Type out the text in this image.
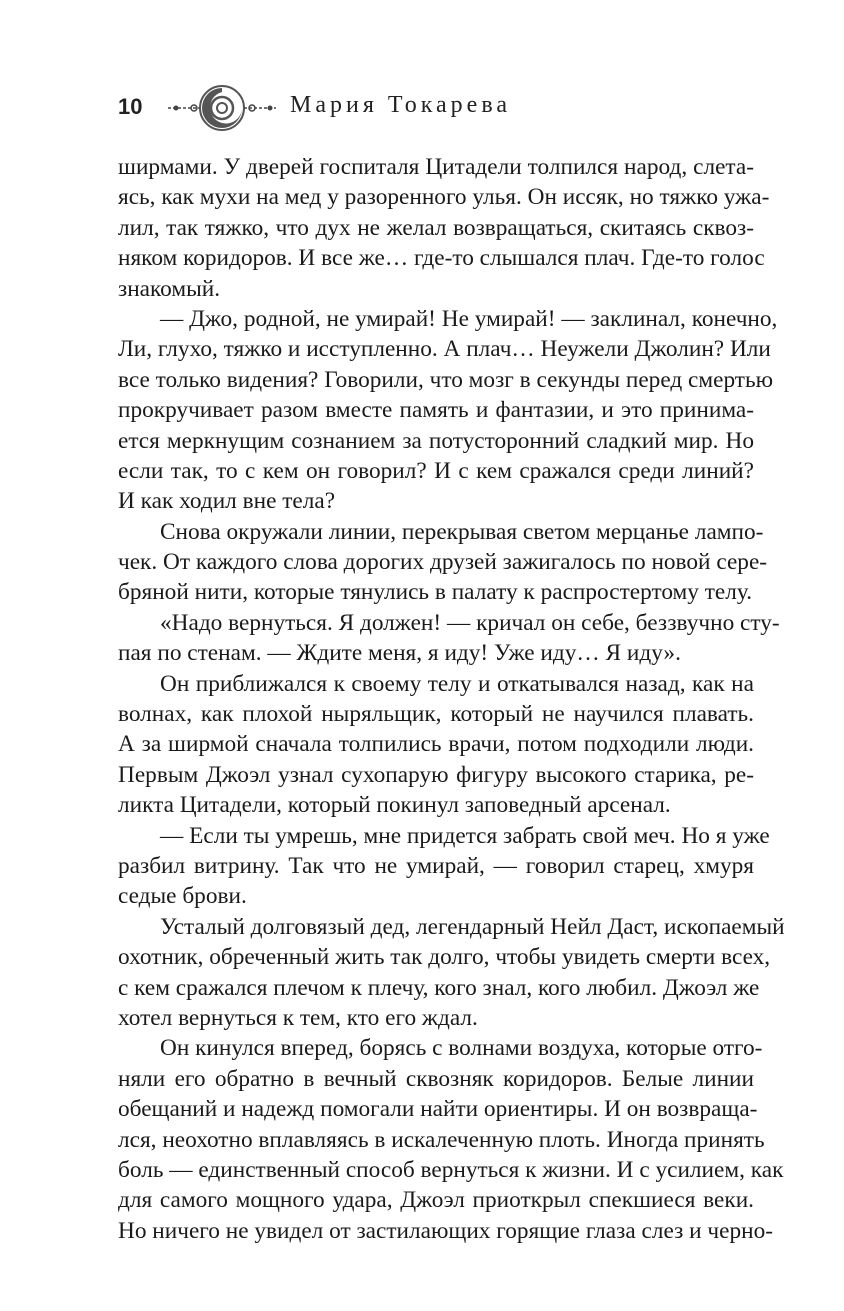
10	Мария Токарева
ширмами. У дверей госпиталя Цитадели толпился народ, слета-
ясь, как мухи на мед у разоренного улья. Он иссяк, но тяжко ужа-
лил, так тяжко, что дух не желал возвращаться, скитаясь сквоз-
няком коридоров. И все же… где-то слышался плач. Где-то голос
знакомый.
— Джо, родной, не умирай! Не умирай! — заклинал, конечно,
Ли, глухо, тяжко и исступленно. А плач… Неужели Джолин? Или
все только видения? Говорили, что мозг в секунды перед смертью
прокручивает разом вместе память и фантазии, и это принима-
ется меркнущим сознанием за потусторонний сладкий мир. Но
если так, то с кем он говорил? И с кем сражался среди линий?
И как ходил вне тела?
Снова окружали линии, перекрывая светом мерцанье лампо-
чек. От каждого слова дорогих друзей зажигалось по новой сере-
бряной нити, которые тянулись в палату к распростертому телу.
«Надо вернуться. Я должен! — кричал он себе, беззвучно сту-
пая по стенам. — Ждите меня, я иду! Уже иду… Я иду».
Он приближался к своему телу и откатывался назад, как на
волнах, как плохой ныряльщик, который не научился плавать.
А за ширмой сначала толпились врачи, потом подходили люди.
Первым Джоэл узнал сухопарую фигуру высокого старика, ре-
ликта Цитадели, который покинул заповедный арсенал.
— Если ты умрешь, мне придется забрать свой меч. Но я уже
разбил витрину. Так что не умирай, — говорил старец, хмуря
седые брови.
Усталый долговязый дед, легендарный Нейл Даст, ископаемый
охотник, обреченный жить так долго, чтобы увидеть смерти всех,
с кем сражался плечом к плечу, кого знал, кого любил. Джоэл же
хотел вернуться к тем, кто его ждал.
Он кинулся вперед, борясь с волнами воздуха, которые отго-
няли его обратно в вечный сквозняк коридоров. Белые линии
обещаний и надежд помогали найти ориентиры. И он возвраща-
лся, неохотно вплавляясь в искалеченную плоть. Иногда принять
боль — единственный способ вернуться к жизни. И с усилием, как
для самого мощного удара, Джоэл приоткрыл спекшиеся веки.
Но ничего не увидел от застилающих горящие глаза слез и черно-
